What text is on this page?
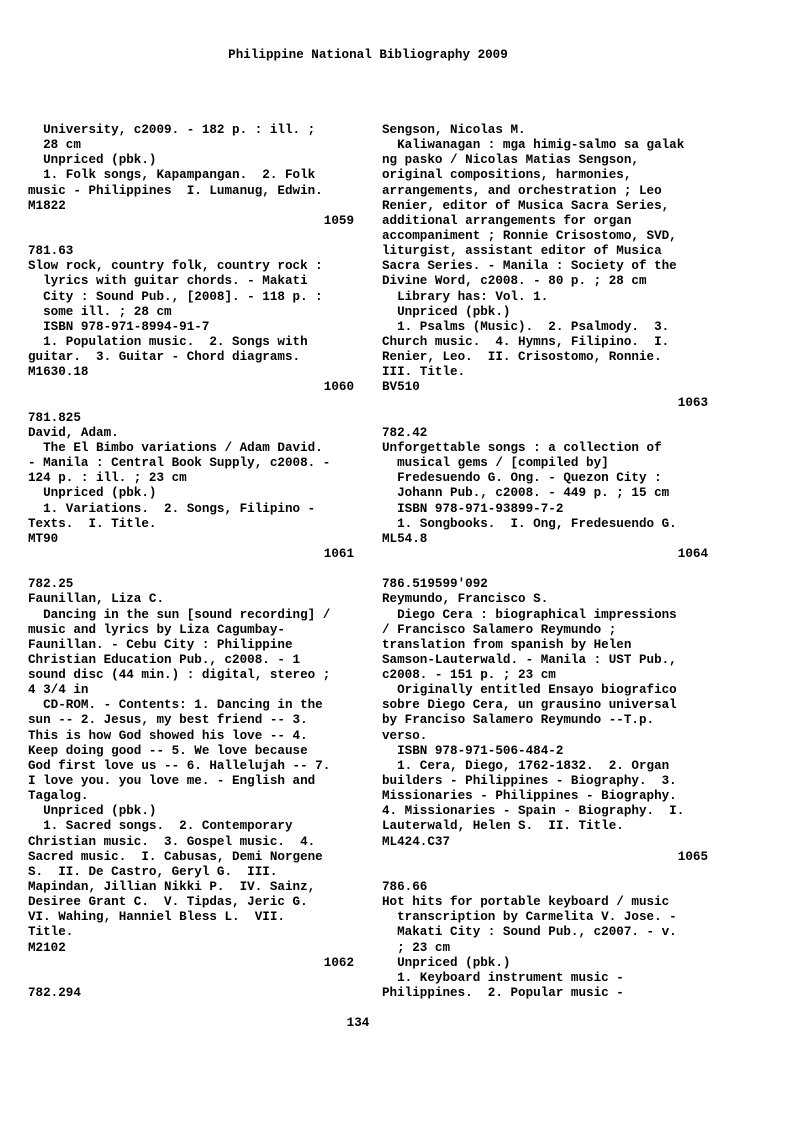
Philippine National Bibliography 2009
University, c2009. - 182 p. : ill. ;
28 cm
Unpriced (pbk.)
1. Folk songs, Kapampangan.  2. Folk
music - Philippines  I. Lumanug, Edwin.
M1822
1059
781.63
Slow rock, country folk, country rock :
lyrics with guitar chords. - Makati
City : Sound Pub., [2008]. - 118 p. :
some ill. ; 28 cm
ISBN 978-971-8994-91-7
1. Population music.  2. Songs with
guitar.  3. Guitar - Chord diagrams.
M1630.18
1060
781.825
David, Adam.
The El Bimbo variations / Adam David.
- Manila : Central Book Supply, c2008. -
124 p. : ill. ; 23 cm
Unpriced (pbk.)
1. Variations.  2. Songs, Filipino -
Texts.  I. Title.
MT90
1061
782.25
Faunillan, Liza C.
Dancing in the sun [sound recording] /
music and lyrics by Liza Cagumbay-
Faunillan. - Cebu City : Philippine
Christian Education Pub., c2008. - 1
sound disc (44 min.) : digital, stereo ;
4 3/4 in
CD-ROM. - Contents: 1. Dancing in the
sun -- 2. Jesus, my best friend -- 3.
This is how God showed his love -- 4.
Keep doing good -- 5. We love because
God first love us -- 6. Hallelujah -- 7.
I love you. you love me. - English and
Tagalog.
Unpriced (pbk.)
1. Sacred songs.  2. Contemporary
Christian music.  3. Gospel music.  4.
Sacred music.  I. Cabusas, Demi Norgene
S.  II. De Castro, Geryl G.  III.
Mapindan, Jillian Nikki P.  IV. Sainz,
Desiree Grant C.  V. Tipdas, Jeric G.
VI. Wahing, Hanniel Bless L.  VII.
Title.
M2102
1062
782.294
Sengson, Nicolas M.
Kaliwanagan : mga himig-salmo sa galak
ng pasko / Nicolas Matias Sengson,
original compositions, harmonies,
arrangements, and orchestration ; Leo
Renier, editor of Musica Sacra Series,
additional arrangements for organ
accompaniment ; Ronnie Crisostomo, SVD,
liturgist, assistant editor of Musica
Sacra Series. - Manila : Society of the
Divine Word, c2008. - 80 p. ; 28 cm
Library has: Vol. 1.
Unpriced (pbk.)
1. Psalms (Music).  2. Psalmody.  3.
Church music.  4. Hymns, Filipino.  I.
Renier, Leo.  II. Crisostomo, Ronnie.
III. Title.
BV510
1063
782.42
Unforgettable songs : a collection of
musical gems / [compiled by]
Fredesuendo G. Ong. - Quezon City :
Johann Pub., c2008. - 449 p. ; 15 cm
ISBN 978-971-93899-7-2
1. Songbooks.  I. Ong, Fredesuendo G.
ML54.8
1064
786.519599'092
Reymundo, Francisco S.
Diego Cera : biographical impressions
/ Francisco Salamero Reymundo ;
translation from spanish by Helen
Samson-Lauterwald. - Manila : UST Pub.,
c2008. - 151 p. ; 23 cm
Originally entitled Ensayo biografico
sobre Diego Cera, un grausino universal
by Franciso Salamero Reymundo --T.p.
verso.
ISBN 978-971-506-484-2
1. Cera, Diego, 1762-1832.  2. Organ
builders - Philippines - Biography.  3.
Missionaries - Philippines - Biography.
4. Missionaries - Spain - Biography.  I.
Lauterwald, Helen S.  II. Title.
ML424.C37
1065
786.66
Hot hits for portable keyboard / music
transcription by Carmelita V. Jose. -
Makati City : Sound Pub., c2007. - v.
; 23 cm
Unpriced (pbk.)
1. Keyboard instrument music -
Philippines.  2. Popular music -
134
